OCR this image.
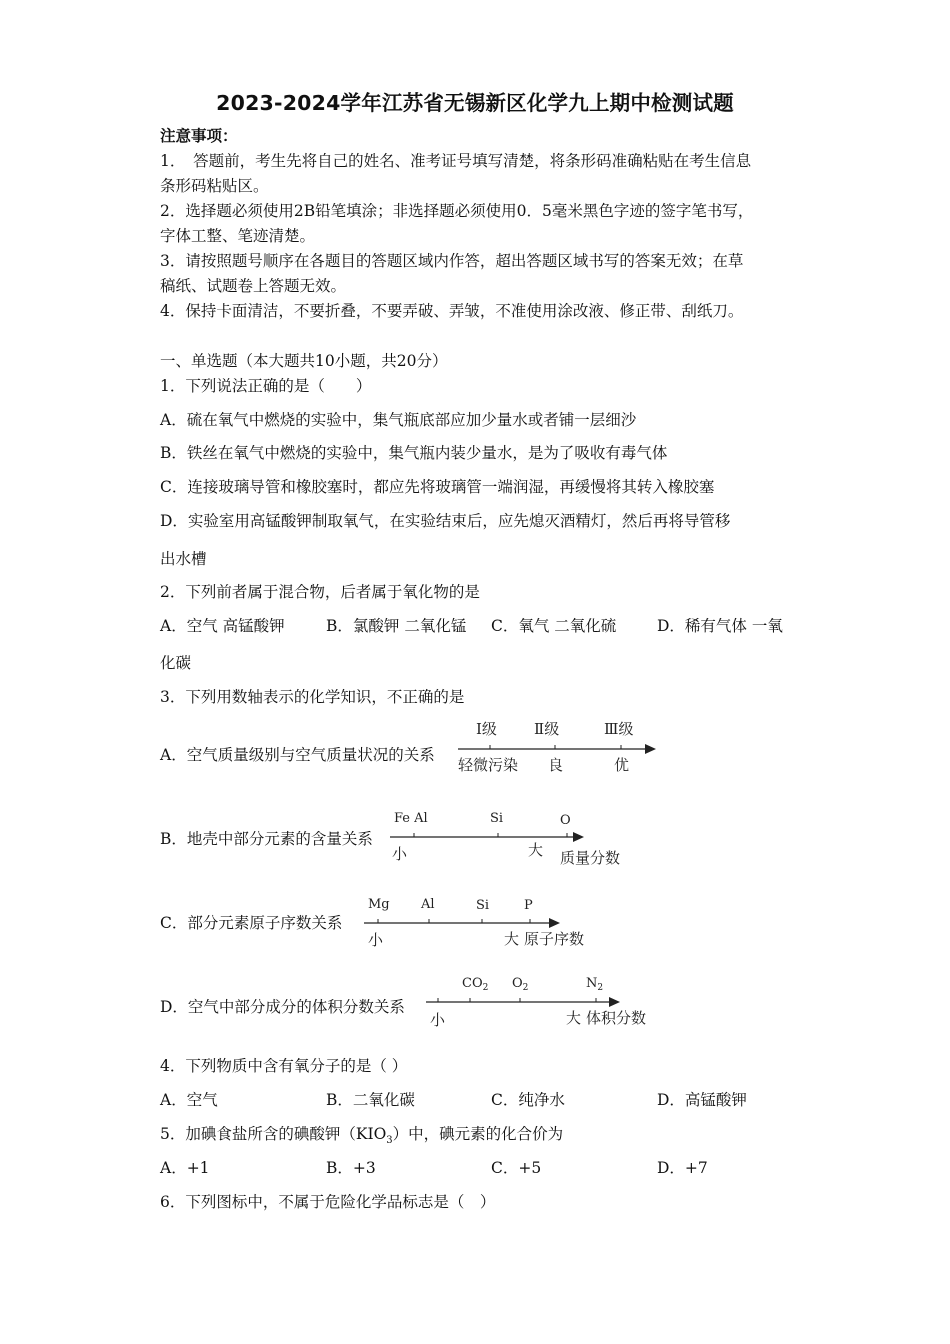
2023-2024学年江苏省无锡新区化学九上期中检测试题
注意事项：
1．　答题前，考生先将自己的姓名、准考证号填写清楚，将条形码准确粘贴在考生信息
条形码粘贴区。
2．选择题必须使用2B铅笔填涂；非选择题必须使用0．5毫米黑色字迹的签字笔书写，
字体工整、笔迹清楚。
3．请按照题号顺序在各题目的答题区域内作答，超出答题区域书写的答案无效；在草
稿纸、试题卷上答题无效。
4．保持卡面清洁，不要折叠，不要弄破、弄皱，不准使用涂改液、修正带、刮纸刀。
一、单选题（本大题共10小题，共20分）
1．下列说法正确的是（　　）
A．硫在氧气中燃烧的实验中，集气瓶底部应加少量水或者铺一层细沙
B．铁丝在氧气中燃烧的实验中，集气瓶内装少量水，是为了吸收有毒气体
C．连接玻璃导管和橡胶塞时，都应先将玻璃管一端润湿，再缓慢将其转入橡胶塞
D．实验室用高锰酸钾制取氧气，在实验结束后，应先熄灭酒精灯，然后再将导管移
出水槽
2．下列前者属于混合物，后者属于氧化物的是
A．空气 高锰酸钾	B．氯酸钾 二氧化锰 C．氧气 二氧化硫	D．稀有气体 一氧
化碳
3．下列用数轴表示的化学知识，不正确的是
A．空气质量级别与空气质量状况的关系
Ⅰ级 Ⅱ级	Ⅲ级
轻微污染 良	优
B．地壳中部分元素的含量关系
Fe Al	Si	O
小	大 质量分数
C．部分元素原子序数关系
Mg Al	Si	P
小	大 原子序数
D．空气中部分成分的体积分数关系
$CO_2$ $O_2$	$N_2$
小	大 体积分数
4．下列物质中含有氧分子的是（ ）
A．空气	B．二氧化碳	C．纯净水	D．高锰酸钾
5．加碘食盐所含的碘酸钾$(KIO_3)$中，碘元素的化合价为
A．+1	B．+3	C．+5	D．+7
6．下列图标中，不属于危险化学品标志是（　）
